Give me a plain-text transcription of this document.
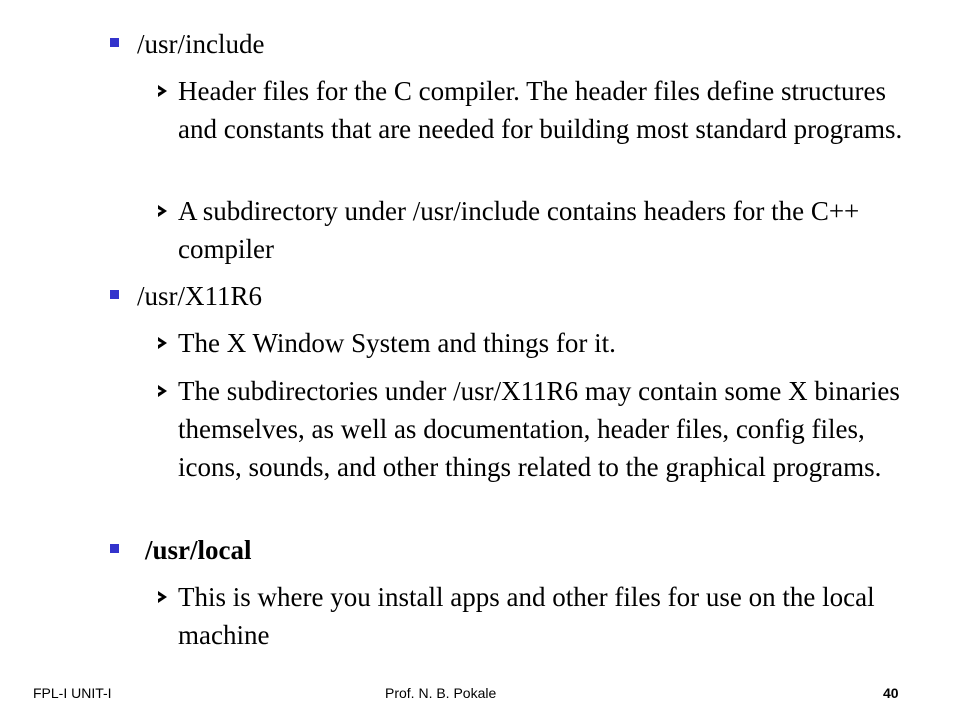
/usr/include
Header files for the C compiler. The header files define structures and constants that are needed for building most standard programs.
A subdirectory under /usr/include contains headers for the C++ compiler
/usr/X11R6
The X Window System and things for it.
The subdirectories under /usr/X11R6 may contain some X binaries themselves, as well as documentation, header files, config files, icons, sounds, and other things related to the graphical programs.
/usr/local
This is where you install apps and other files for use on the local machine
FPL-I UNIT-I	Prof. N. B. Pokale	40
